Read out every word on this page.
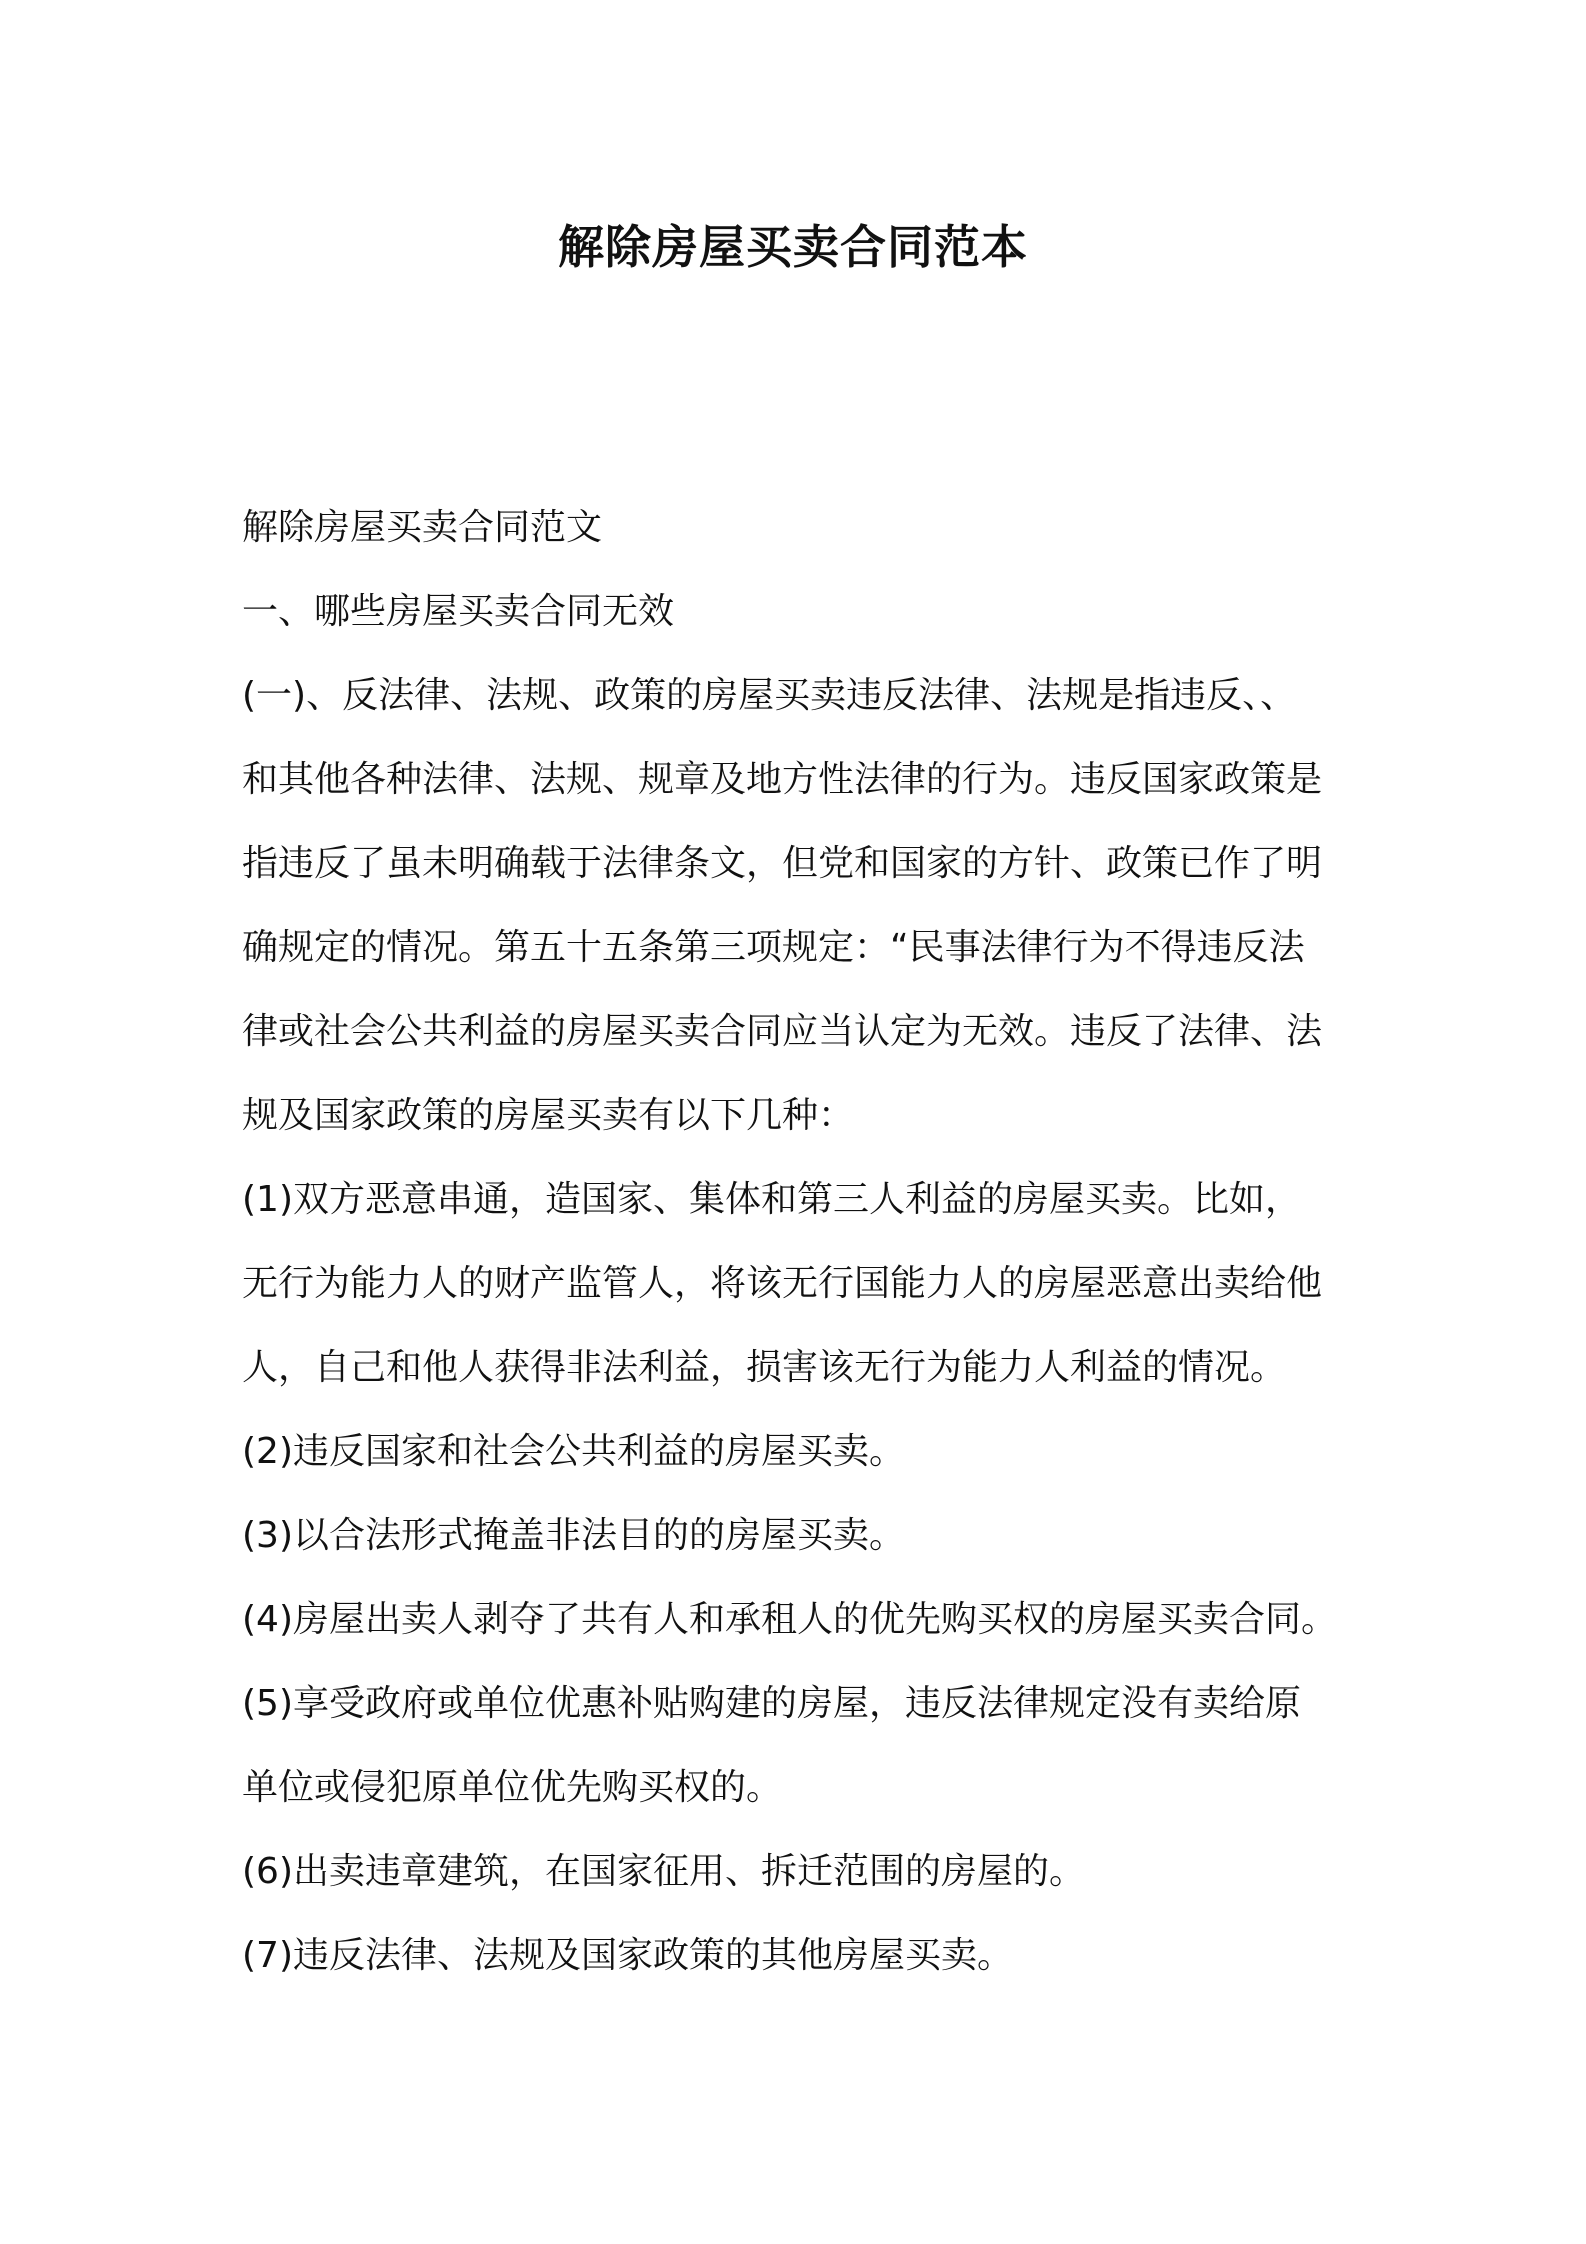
解除房屋买卖合同范本

解除房屋买卖合同范文

一、哪些房屋买卖合同无效

(一)、反法律、法规、政策的房屋买卖违反法律、法规是指违反、、

和其他各种法律、法规、规章及地方性法律的行为。违反国家政策是

指违反了虽未明确载于法律条文，但党和国家的方针、政策已作了明

确规定的情况。第五十五条第三项规定：“民事法律行为不得违反法

律或社会公共利益的房屋买卖合同应当认定为无效。违反了法律、法

规及国家政策的房屋买卖有以下几种：

(1)双方恶意串通，造国家、集体和第三人利益的房屋买卖。比如，

无行为能力人的财产监管人，将该无行国能力人的房屋恶意出卖给他

人，自己和他人获得非法利益，损害该无行为能力人利益的情况。

(2)违反国家和社会公共利益的房屋买卖。

(3)以合法形式掩盖非法目的的房屋买卖。

(4)房屋出卖人剥夺了共有人和承租人的优先购买权的房屋买卖合同。

(5)享受政府或单位优惠补贴购建的房屋，违反法律规定没有卖给原

单位或侵犯原单位优先购买权的。

(6)出卖违章建筑，在国家征用、拆迁范围的房屋的。

(7)违反法律、法规及国家政策的其他房屋买卖。
